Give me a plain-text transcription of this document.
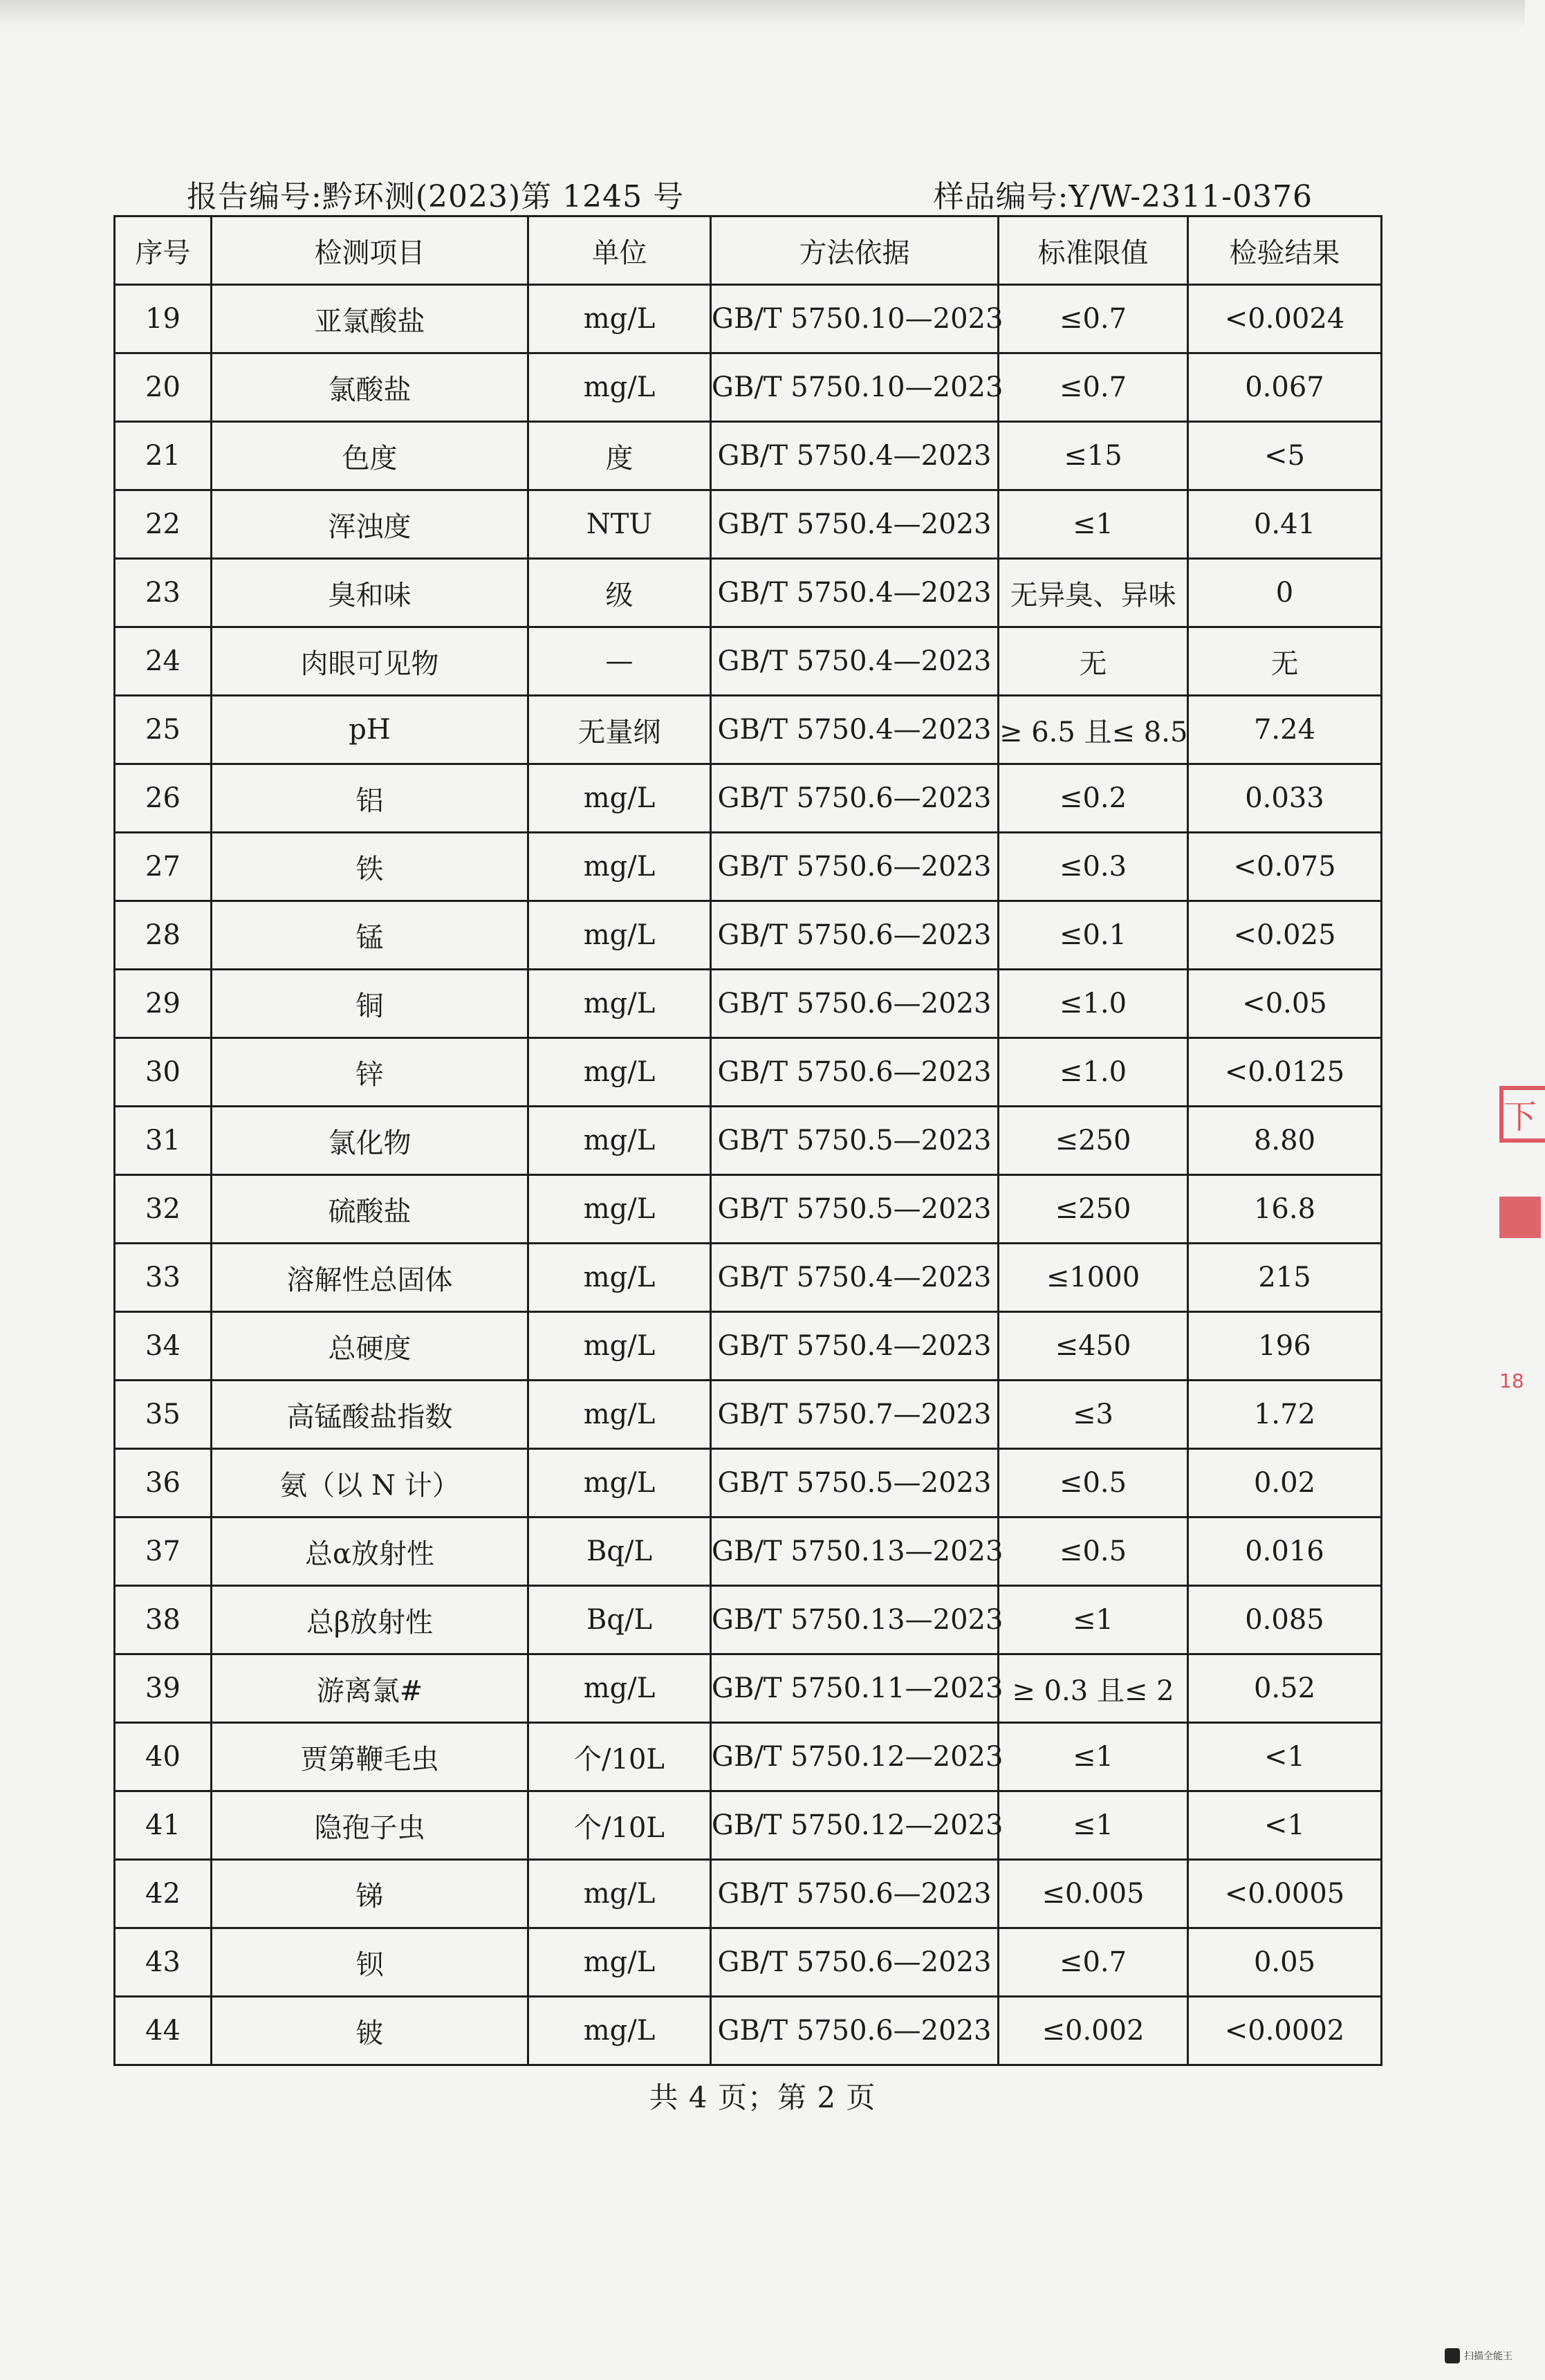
报告编号:黔环测(2023)第 1245 号	样品编号:Y/W-2311-0376
序号	检测项目	单位	方法依据	标准限值	检验结果
19	亚氯酸盐	mg/L	GB/T 5750.10—2023	≤0.7	<0.0024
20	氯酸盐	mg/L	GB/T 5750.10—2023	≤0.7	0.067
21	色度	度	GB/T 5750.4—2023	≤15	<5
22	浑浊度	NTU	GB/T 5750.4—2023	≤1	0.41
23	臭和味	级	GB/T 5750.4—2023	无异臭、异味	0
24	肉眼可见物	—	GB/T 5750.4—2023	无	无
25	pH	无量纲	GB/T 5750.4—2023	≥ 6.5 且≤ 8.5	7.24
26	铝	mg/L	GB/T 5750.6—2023	≤0.2	0.033
27	铁	mg/L	GB/T 5750.6—2023	≤0.3	<0.075
28	锰	mg/L	GB/T 5750.6—2023	≤0.1	<0.025
29	铜	mg/L	GB/T 5750.6—2023	≤1.0	<0.05
30	锌	mg/L	GB/T 5750.6—2023	≤1.0	<0.0125
31	氯化物	mg/L	GB/T 5750.5—2023	≤250	8.80
32	硫酸盐	mg/L	GB/T 5750.5—2023	≤250	16.8
33	溶解性总固体	mg/L	GB/T 5750.4—2023	≤1000	215
34	总硬度	mg/L	GB/T 5750.4—2023	≤450	196
35	高锰酸盐指数	mg/L	GB/T 5750.7—2023	≤3	1.72
36	氨（以 N 计）	mg/L	GB/T 5750.5—2023	≤0.5	0.02
37	总α放射性	Bq/L	GB/T 5750.13—2023	≤0.5	0.016
38	总β放射性	Bq/L	GB/T 5750.13—2023	≤1	0.085
39	游离氯#	mg/L	GB/T 5750.11—2023	≥ 0.3 且≤ 2	0.52
40	贾第鞭毛虫	个/10L	GB/T 5750.12—2023	≤1	<1
41	隐孢子虫	个/10L	GB/T 5750.12—2023	≤1	<1
42	锑	mg/L	GB/T 5750.6—2023	≤0.005	<0.0005
43	钡	mg/L	GB/T 5750.6—2023	≤0.7	0.05
44	铍	mg/L	GB/T 5750.6—2023	≤0.002	<0.0002
共 4 页；第 2 页
下
18
扫描全能王
